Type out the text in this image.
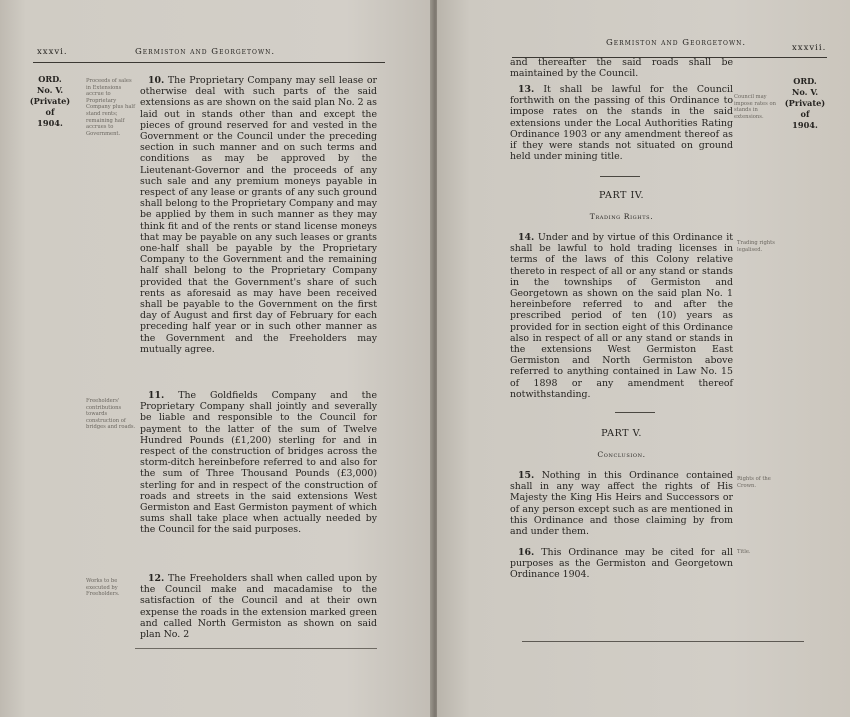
xxxvi.	Germiston and Georgetown.
ORD.
No. V.
(Private)
of
1904.
Proceeds of sales in Extensions accrue to Proprietary Company plus half stand rents; remaining half accrues to Government.

10. The Proprietary Company may sell lease or otherwise deal with such parts of the said extensions as are shown on the said plan No. 2 as laid out in stands other than and except the pieces of ground reserved for and vested in the Government or the Council under the preceding section in such manner and on such terms and conditions as may be approved by the Lieutenant-Governor and the proceeds of any such sale and any premium moneys payable in respect of any lease or grants of any such ground shall belong to the Proprietary Company and may be applied by them in such manner as they may think fit and of the rents or stand license moneys that may be payable on any such leases or grants one-half shall be payable by the Proprietary Company to the Government and the remaining half shall belong to the Proprietary Company provided that the Government's share of such rents as aforesaid as may have been received shall be payable to the Government on the first day of August and first day of February for each preceding half year or in such other manner as the Government and the Freeholders may mutually agree.

Freeholders' contributions towards construction of bridges and roads.

11. The Goldfields Company and the Proprietary Company shall jointly and severally be liable and responsible to the Council for payment to the latter of the sum of Twelve Hundred Pounds (£1,200) sterling for and in respect of the construction of bridges across the storm-ditch hereinbefore referred to and also for the sum of Three Thousand Pounds (£3,000) sterling for and in respect of the construction of roads and streets in the said extensions West Germiston and East Germiston payment of which sums shall take place when actually needed by the Council for the said purposes.

Works to be executed by Freeholders.

12. The Freeholders shall when called upon by the Council make and macadamise to the satisfaction of the Council and at their own expense the roads in the extension marked green and called North Germiston as shown on said plan No. 2

Germiston and Georgetown.	xxxvii.
ORD.
No. V.
(Private)
of
1904.

and thereafter the said roads shall be maintained by the Council.

Council may impose rates on stands in extensions.

13. It shall be lawful for the Council forthwith on the passing of this Ordinance to impose rates on the stands in the said extensions under the Local Authorities Rating Ordinance 1903 or any amendment thereof as if they were stands not situated on ground held under mining title.

PART IV.
Trading Rights.
Trading rights legalised.

14. Under and by virtue of this Ordinance it shall be lawful to hold trading licenses in terms of the laws of this Colony relative thereto in respect of all or any stand or stands in the townships of Germiston and Georgetown as shown on the said plan No. 1 hereinbefore referred to and after the prescribed period of ten (10) years as provided for in section eight of this Ordinance also in respect of all or any stand or stands in the extensions West Germiston East Germiston and North Germiston above referred to anything contained in Law No. 15 of 1898 or any amendment thereof notwithstanding.

PART V.
Conclusion.
Rights of the Crown.

15. Nothing in this Ordinance contained shall in any way affect the rights of His Majesty the King His Heirs and Successors or of any person except such as are mentioned in this Ordinance and those claiming by from and under them.

Title.

16. This Ordinance may be cited for all purposes as the Germiston and Georgetown Ordinance 1904.
